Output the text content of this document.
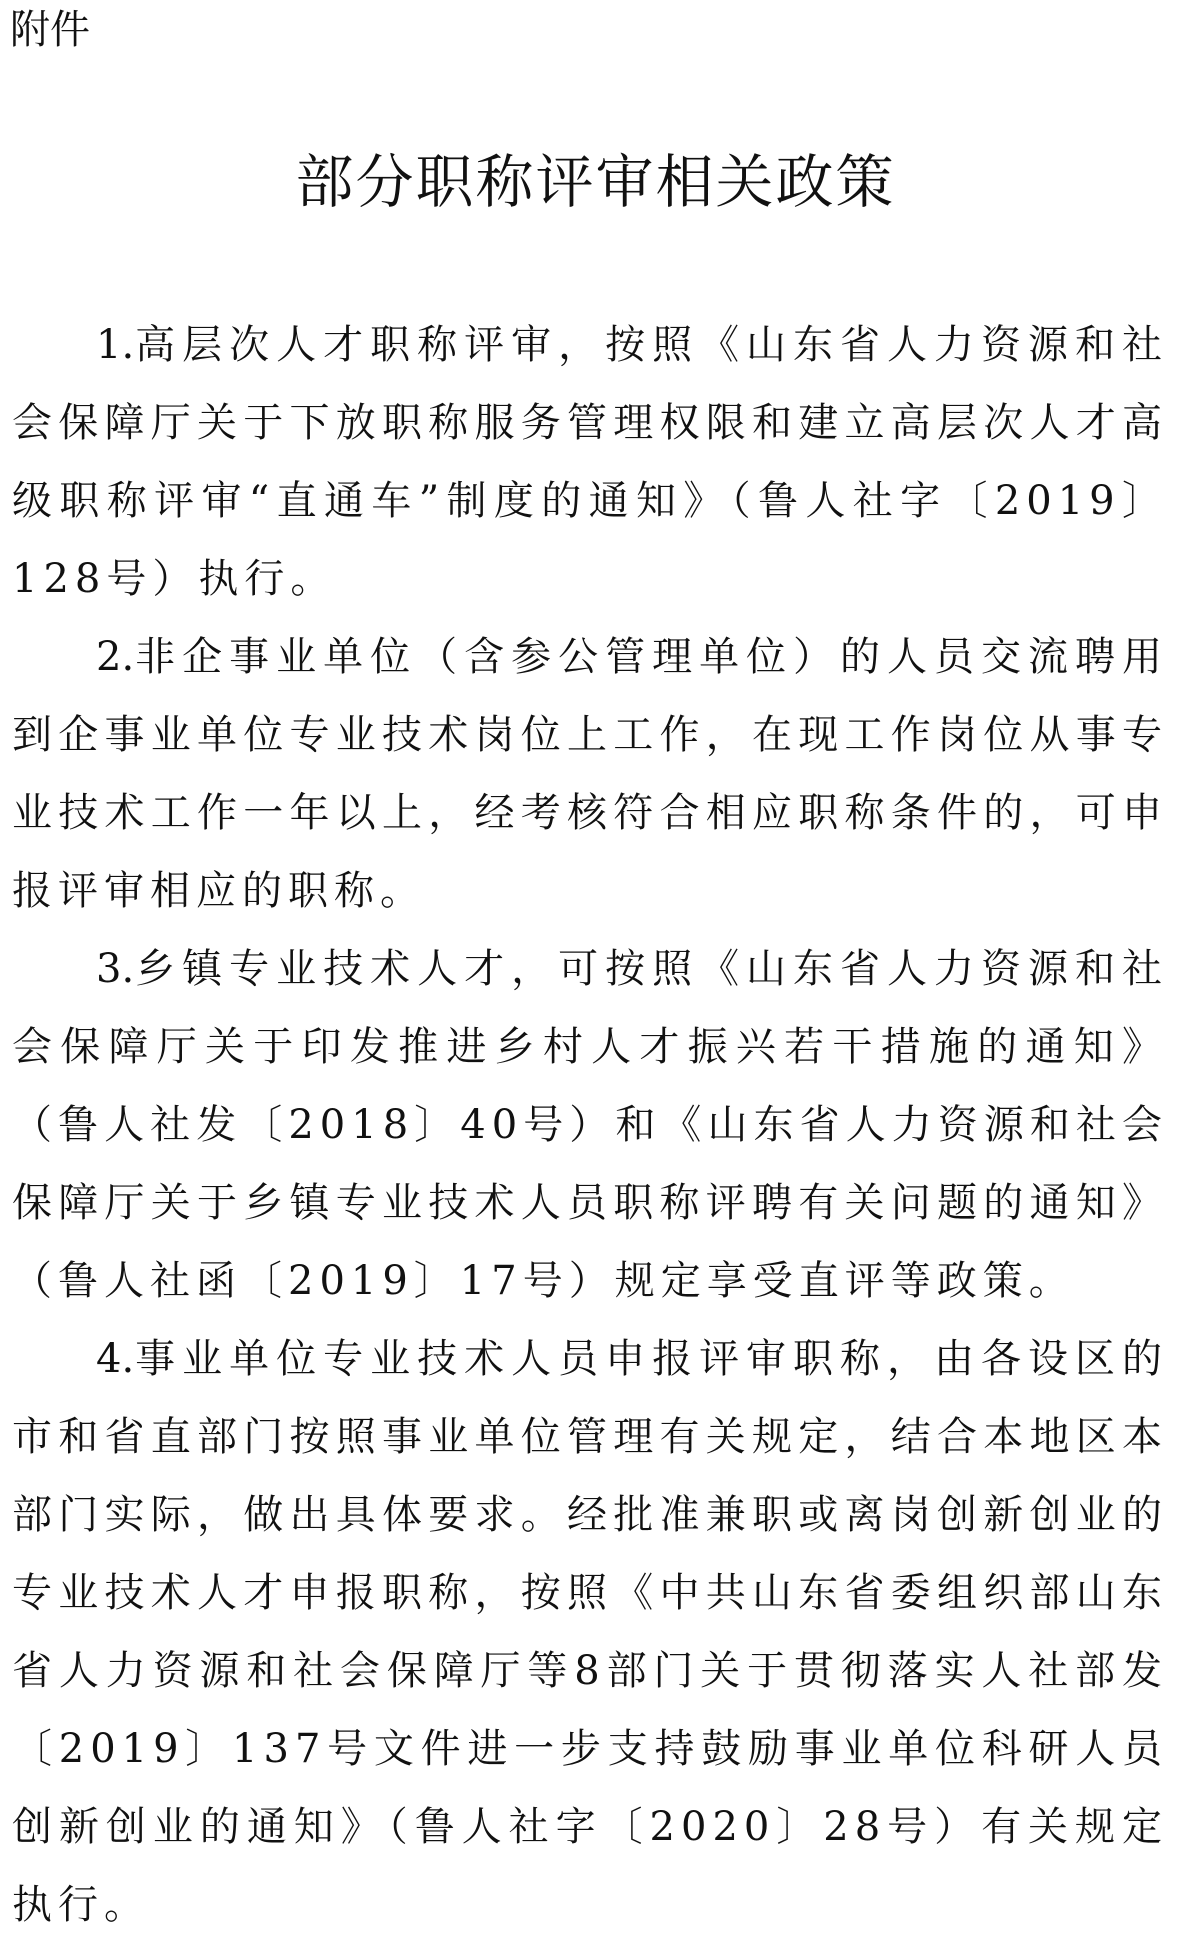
附件
部分职称评审相关政策

1.高层次人才职称评审，按照《山东省人力资源和社会保障厅关于下放职称服务管理权限和建立高层次人才高级职称评审“直通车”制度的通知》（鲁人社字〔2019〕128号）执行。

2.非企事业单位（含参公管理单位）的人员交流聘用到企事业单位专业技术岗位上工作，在现工作岗位从事专业技术工作一年以上，经考核符合相应职称条件的，可申报评审相应的职称。

3.乡镇专业技术人才，可按照《山东省人力资源和社会保障厅关于印发推进乡村人才振兴若干措施的通知》（鲁人社发〔2018〕40号）和《山东省人力资源和社会保障厅关于乡镇专业技术人员职称评聘有关问题的通知》（鲁人社函〔2019〕17号）规定享受直评等政策。

4.事业单位专业技术人员申报评审职称，由各设区的市和省直部门按照事业单位管理有关规定，结合本地区本部门实际，做出具体要求。经批准兼职或离岗创新创业的专业技术人才申报职称，按照《中共山东省委组织部山东省人力资源和社会保障厅等8部门关于贯彻落实人社部发〔2019〕137号文件进一步支持鼓励事业单位科研人员创新创业的通知》（鲁人社字〔2020〕28号）有关规定执行。
